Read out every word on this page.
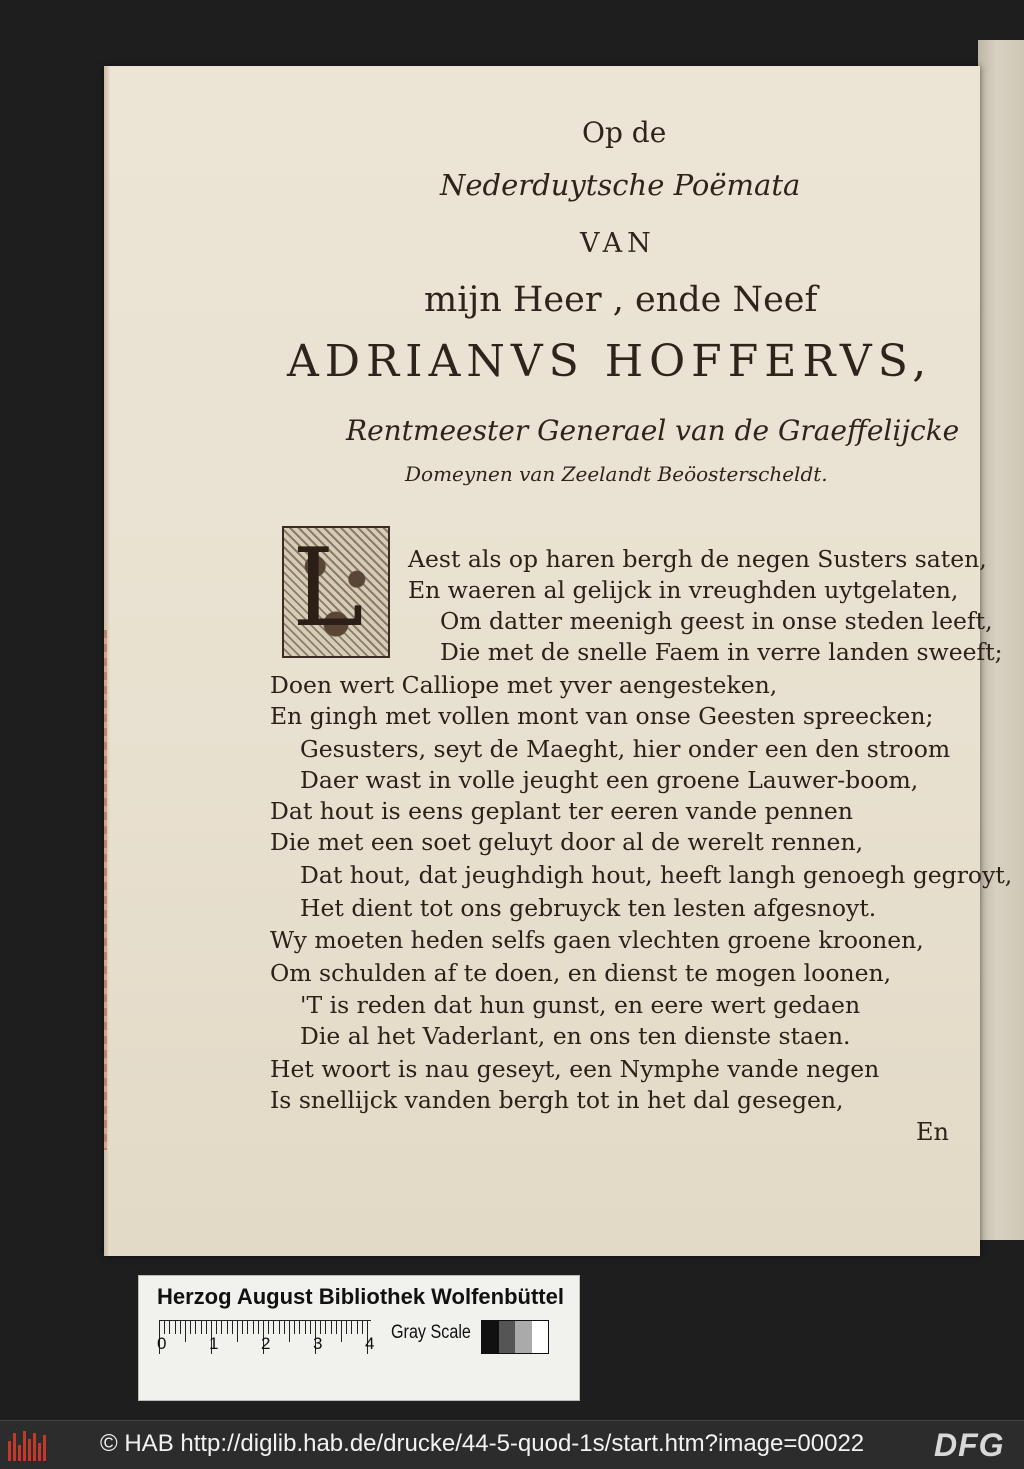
Op de
Nederduytsche Poëmata
VAN
mijn Heer , ende Neef
ADRIANVS HOFFERVS,
Rentmeester Generael van de Graeffelijcke
Domeynen van Zeelandt Beöosterscheldt.
L Aest als op haren bergh de negen Susters saten,
En waeren al gelijck in vreughden uytgelaten,
Om datter meenigh geest in onse steden leeft,
Die met de snelle Faem in verre landen sweeft;
Doen wert Calliope met yver aengesteken,
En gingh met vollen mont van onse Geesten spreecken;
Gesusters, seyt de Maeght, hier onder een den stroom
Daer wast in volle jeught een groene Lauwer-boom,
Dat hout is eens geplant ter eeren vande pennen
Die met een soet geluyt door al de werelt rennen,
Dat hout, dat jeughdigh hout, heeft langh genoegh gegroyt,
Het dient tot ons gebruyck ten lesten afgesnoyt.
Wy moeten heden selfs gaen vlechten groene kroonen,
Om schulden af te doen, en dienst te mogen loonen,
'T is reden dat hun gunst, en eere wert gedaen
Die al het Vaderlant, en ons ten dienste staen.
Het woort is nau geseyt, een Nymphe vande negen
Is snellijck vanden bergh tot in het dal gesegen,
En
Herzog August Bibliothek Wolfenbüttel
0	1	2	3	4
Gray Scale
© HAB http://diglib.hab.de/drucke/44-5-quod-1s/start.htm?image=00022 DFG
